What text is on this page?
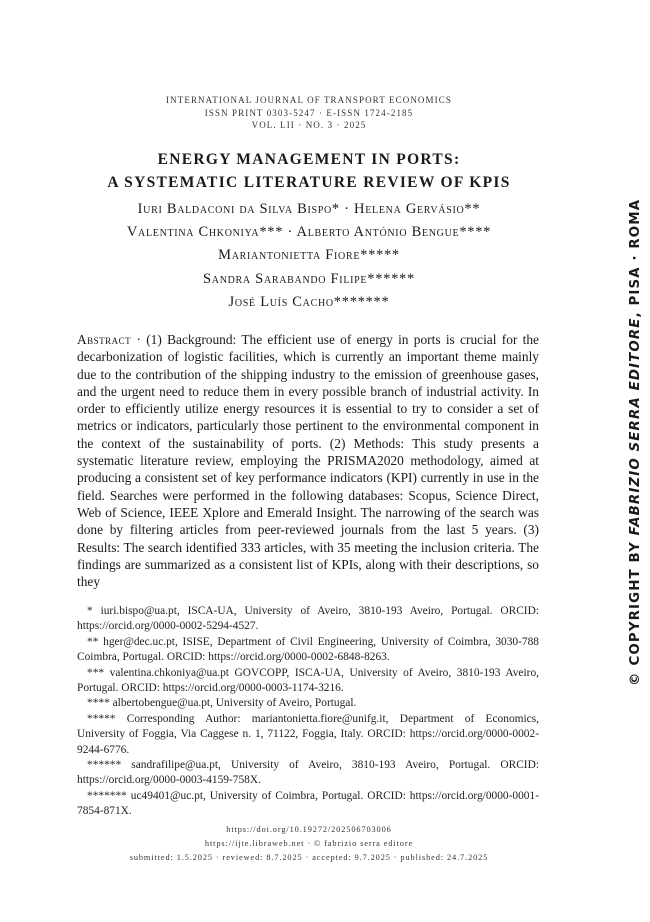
INTERNATIONAL JOURNAL OF TRANSPORT ECONOMICS
ISSN PRINT 0303-5247 · E-ISSN 1724-2185
VOL. LII · NO. 3 · 2025
ENERGY MANAGEMENT IN PORTS:
A SYSTEMATIC LITERATURE REVIEW OF KPIS
Iuri Baldaconi da Silva Bispo* · Helena Gervásio**
Valentina Chkoniya*** · Alberto António Bengue****
Mariantonietta Fiore*****
Sandra Sarabando Filipe******
José Luís Cacho*******
Abstract · (1) Background: The efficient use of energy in ports is crucial for the decarbonization of logistic facilities, which is currently an important theme mainly due to the contribution of the shipping industry to the emission of greenhouse gases, and the urgent need to reduce them in every possible branch of industrial activity. In order to efficiently utilize energy resources it is essential to try to consider a set of metrics or indicators, particularly those pertinent to the environmental component in the context of the sustainability of ports. (2) Methods: This study presents a systematic literature review, employing the PRISMA2020 methodology, aimed at producing a consistent set of key performance indicators (KPI) currently in use in the field. Searches were performed in the following databases: Scopus, Science Direct, Web of Science, IEEE Xplore and Emerald Insight. The narrowing of the search was done by filtering articles from peer-reviewed journals from the last 5 years. (3) Results: The search identified 333 articles, with 35 meeting the inclusion criteria. The findings are summarized as a consistent list of KPIs, along with their descriptions, so they

* iuri.bispo@ua.pt, ISCA-UA, University of Aveiro, 3810-193 Aveiro, Portugal. ORCID: https://orcid.org/0000-0002-5294-4527.

** hger@dec.uc.pt, ISISE, Department of Civil Engineering, University of Coimbra, 3030-788 Coimbra, Portugal. ORCID: https://orcid.org/0000-0002-6848-8263.

*** valentina.chkoniya@ua.pt GOVCOPP, ISCA-UA, University of Aveiro, 3810-193 Aveiro, Portugal. ORCID: https://orcid.org/0000-0003-1174-3216.

**** albertobengue@ua.pt, University of Aveiro, Portugal.

***** Corresponding Author: mariantonietta.fiore@unifg.it, Department of Economics, University of Foggia, Via Caggese n. 1, 71122, Foggia, Italy. ORCID: https://orcid.org/0000-0002-9244-6776.

****** sandrafilipe@ua.pt, University of Aveiro, 3810-193 Aveiro, Portugal. ORCID: https://orcid.org/0000-0003-4159-758X.

******* uc49401@uc.pt, University of Coimbra, Portugal. ORCID: https://orcid.org/0000-0001-7854-871X.

https://doi.org/10.19272/202506703006
https://ijte.libraweb.net · © fabrizio serra editore
submitted: 1.5.2025 · reviewed: 8.7.2025 · accepted: 9.7.2025 · published: 24.7.2025
©COPYRIGHT BY FABRIZIO SERRA EDITORE, PISA · ROMA
